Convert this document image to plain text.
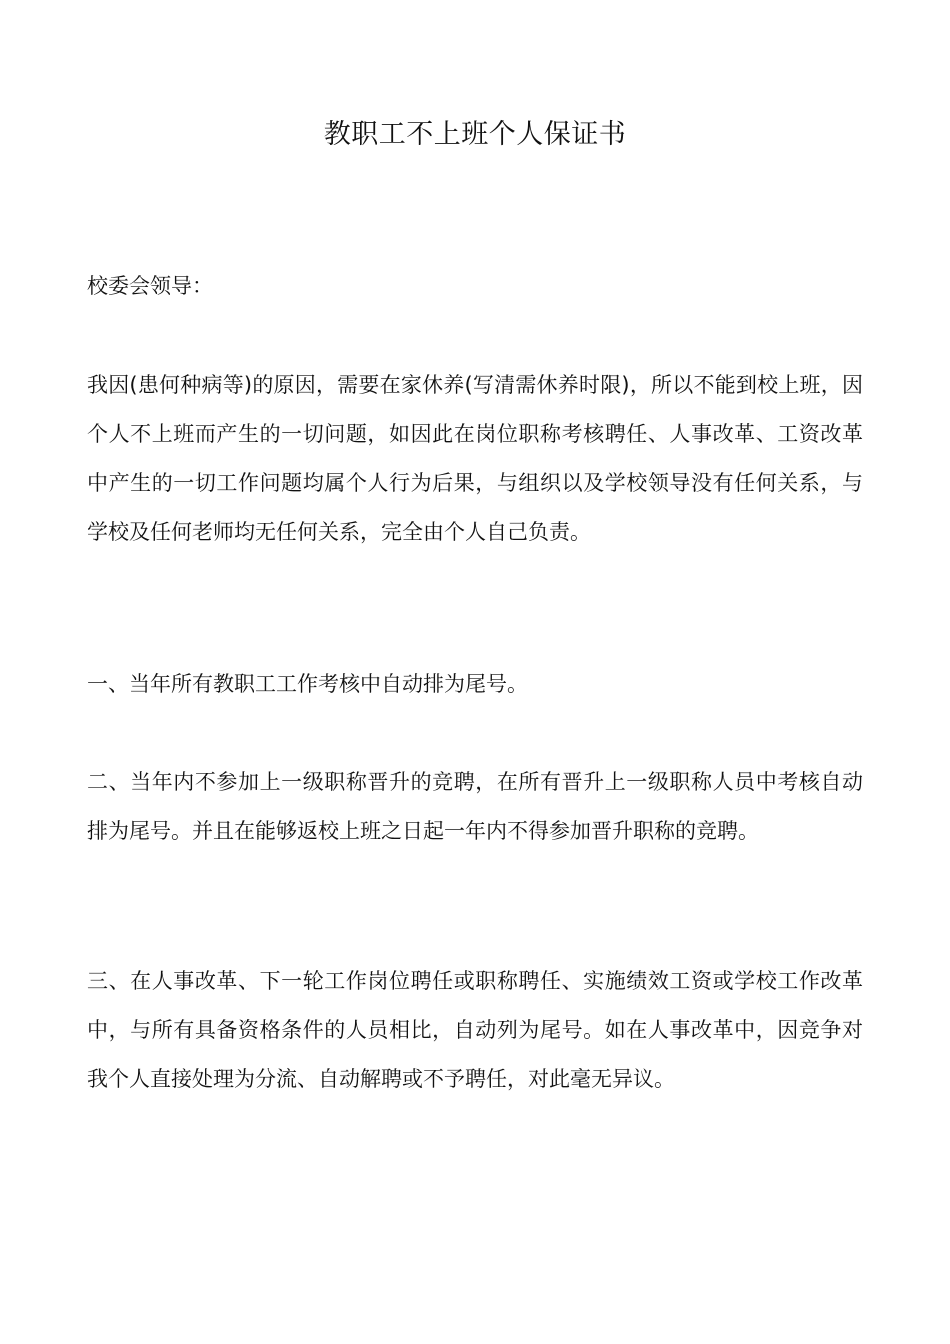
教职工不上班个人保证书

校委会领导：

我因(患何种病等)的原因，需要在家休养(写清需休养时限)，所以不能到校上班，因个人不上班而产生的一切问题，如因此在岗位职称考核聘任、人事改革、工资改革中产生的一切工作问题均属个人行为后果，与组织以及学校领导没有任何关系，与学校及任何老师均无任何关系，完全由个人自己负责。

一、当年所有教职工工作考核中自动排为尾号。

二、当年内不参加上一级职称晋升的竞聘，在所有晋升上一级职称人员中考核自动排为尾号。并且在能够返校上班之日起一年内不得参加晋升职称的竞聘。

三、在人事改革、下一轮工作岗位聘任或职称聘任、实施绩效工资或学校工作改革中，与所有具备资格条件的人员相比，自动列为尾号。如在人事改革中，因竞争对我个人直接处理为分流、自动解聘或不予聘任，对此毫无异议。
